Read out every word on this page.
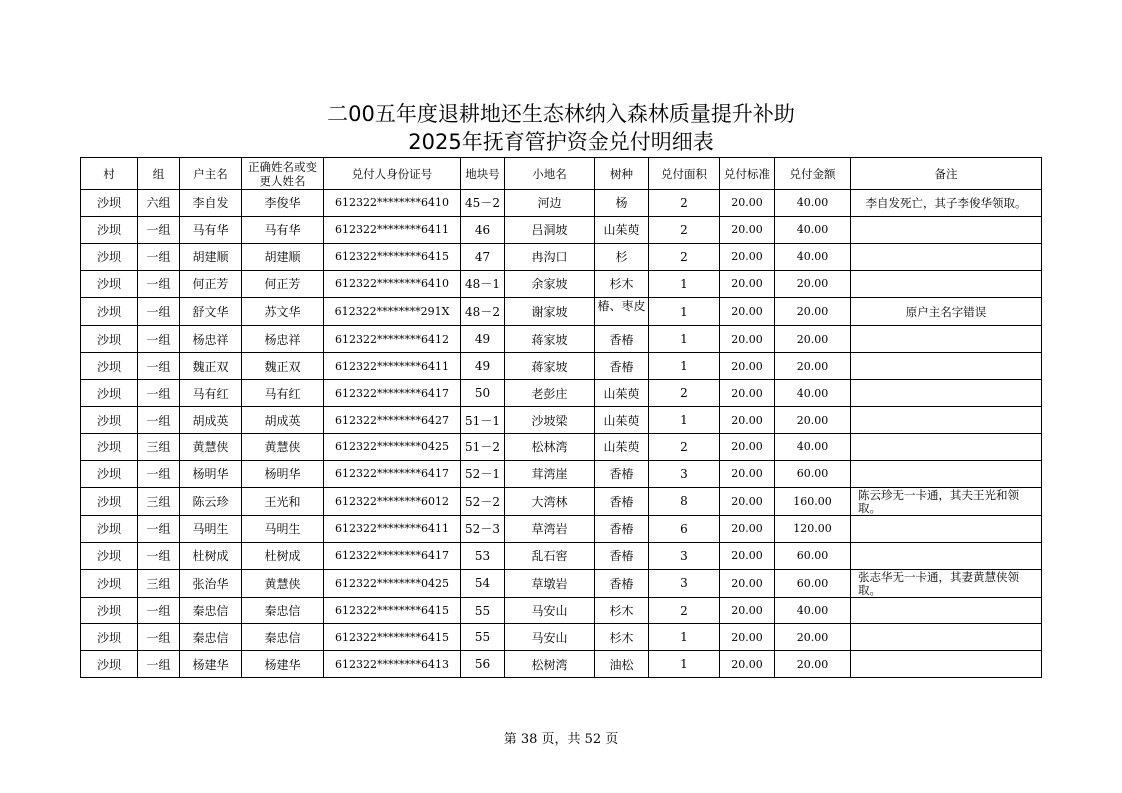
二00五年度退耕地还生态林纳入森林质量提升补助
2025年抚育管护资金兑付明细表
村	组	户主名	正确姓名或变更人姓名	兑付人身份证号	地块号	小地名	树种	兑付面积	兑付标准	兑付金额	备注
沙坝	六组	李自发	李俊华	612322********6410	45－2	河边	杨	2	20.00	40.00	李自发死亡，其子李俊华领取。
沙坝	一组	马有华	马有华	612322********6411	46	吕洞坡	山茱萸	2	20.00	40.00	
沙坝	一组	胡建顺	胡建顺	612322********6415	47	冉沟口	杉	2	20.00	40.00	
沙坝	一组	何正芳	何正芳	612322********6410	48－1	余家坡	杉木	1	20.00	20.00	
沙坝	一组	舒文华	苏文华	612322********291X	48－2	谢家坡	椿、枣皮	1	20.00	20.00	原户主名字错误
沙坝	一组	杨忠祥	杨忠祥	612322********6412	49	蒋家坡	香椿	1	20.00	20.00	
沙坝	一组	魏正双	魏正双	612322********6411	49	蒋家坡	香椿	1	20.00	20.00	
沙坝	一组	马有红	马有红	612322********6417	50	老彭庄	山茱萸	2	20.00	40.00	
沙坝	一组	胡成英	胡成英	612322********6427	51－1	沙坡梁	山茱萸	1	20.00	20.00	
沙坝	三组	黄慧侠	黄慧侠	612322********0425	51－2	松林湾	山茱萸	2	20.00	40.00	
沙坝	一组	杨明华	杨明华	612322********6417	52－1	茸湾崖	香椿	3	20.00	60.00	
沙坝	三组	陈云珍	王光和	612322********6012	52－2	大湾林	香椿	8	20.00	160.00	陈云珍无一卡通，其夫王光和领取。
沙坝	一组	马明生	马明生	612322********6411	52－3	草湾岩	香椿	6	20.00	120.00	
沙坝	一组	杜树成	杜树成	612322********6417	53	乱石窖	香椿	3	20.00	60.00	
沙坝	三组	张治华	黄慧侠	612322********0425	54	草墩岩	香椿	3	20.00	60.00	张志华无一卡通，其妻黄慧侠领取。
沙坝	一组	秦忠信	秦忠信	612322********6415	55	马安山	杉木	2	20.00	40.00	
沙坝	一组	秦忠信	秦忠信	612322********6415	55	马安山	杉木	1	20.00	20.00	
沙坝	一组	杨建华	杨建华	612322********6413	56	松树湾	油松	1	20.00	20.00	
第 38 页，共 52 页
